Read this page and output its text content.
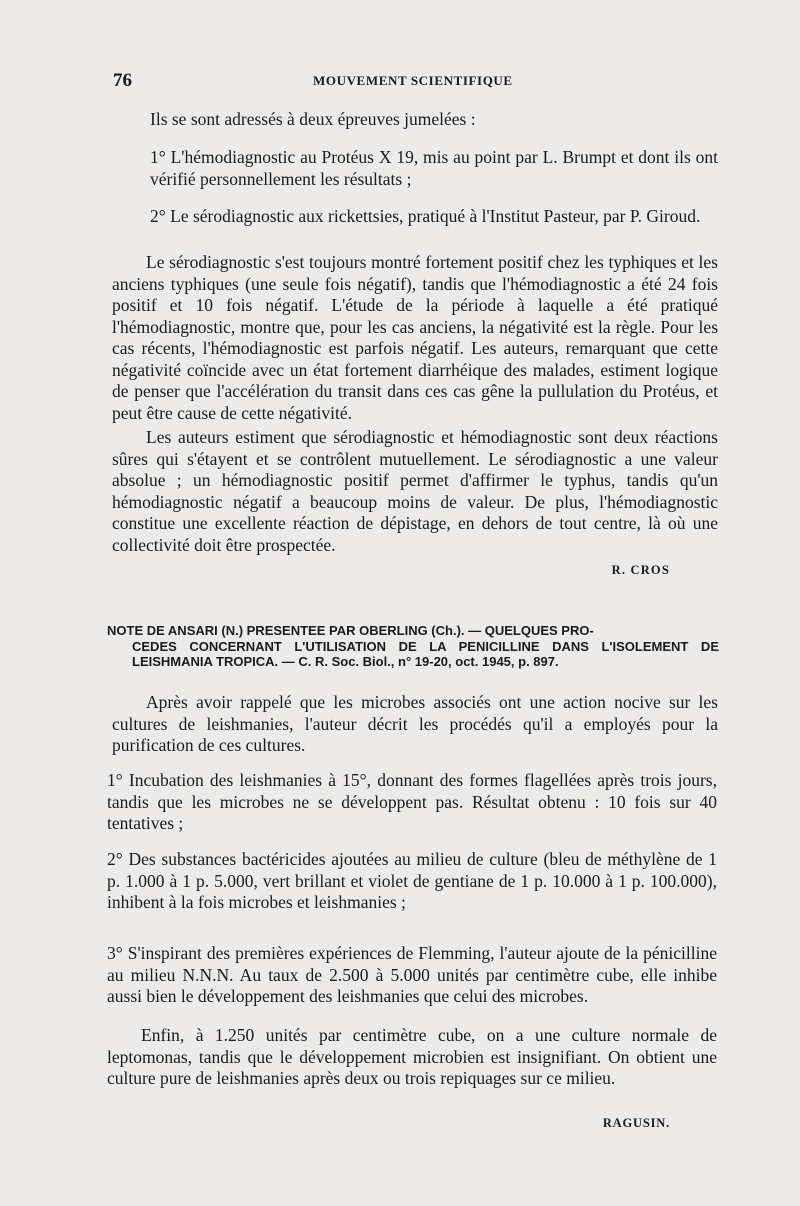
76	MOUVEMENT SCIENTIFIQUE
Ils se sont adressés à deux épreuves jumelées :
1° L'hémodiagnostic au Protéus X 19, mis au point par L. Brumpt et dont ils ont vérifié personnellement les résultats ;
2° Le sérodiagnostic aux rickettsies, pratiqué à l'Institut Pasteur, par P. Giroud.

Le sérodiagnostic s'est toujours montré fortement positif chez les typhiques et les anciens typhiques (une seule fois négatif), tandis que l'hémodiagnostic a été 24 fois positif et 10 fois négatif. L'étude de la période à laquelle a été pratiqué l'hémodiagnostic, montre que, pour les cas anciens, la négativité est la règle. Pour les cas récents, l'hémodiagnostic est parfois négatif. Les auteurs, remarquant que cette négativité coïncide avec un état fortement diarrhéique des malades, estiment logique de penser que l'accélération du transit dans ces cas gêne la pullulation du Protéus, et peut être cause de cette négativité.

Les auteurs estiment que sérodiagnostic et hémodiagnostic sont deux réactions sûres qui s'étayent et se contrôlent mutuellement. Le sérodiagnostic a une valeur absolue ; un hémodiagnostic positif permet d'affirmer le typhus, tandis qu'un hémodiagnostic négatif a beaucoup moins de valeur. De plus, l'hémodiagnostic constitue une excellente réaction de dépistage, en dehors de tout centre, là où une collectivité doit être prospectée.

R. CROS
NOTE DE ANSARI (N.) PRESENTEE PAR OBERLING (Ch.). — QUELQUES PRO-
CEDES CONCERNANT L'UTILISATION DE LA PENICILLINE DANS L'ISOLEMENT DE LEISHMANIA TROPICA. — C. R. Soc. Biol., n° 19-20, oct. 1945, p. 897.

Après avoir rappelé que les microbes associés ont une action nocive sur les cultures de leishmanies, l'auteur décrit les procédés qu'il a employés pour la purification de ces cultures.

1° Incubation des leishmanies à 15°, donnant des formes flagellées après trois jours, tandis que les microbes ne se développent pas. Résultat obtenu : 10 fois sur 40 tentatives ;
2° Des substances bactéricides ajoutées au milieu de culture (bleu de méthylène de 1 p. 1.000 à 1 p. 5.000, vert brillant et violet de gentiane de 1 p. 10.000 à 1 p. 100.000), inhibent à la fois microbes et leishmanies ;
3° S'inspirant des premières expériences de Flemming, l'auteur ajoute de la pénicilline au milieu N.N.N. Au taux de 2.500 à 5.000 unités par centimètre cube, elle inhibe aussi bien le développement des leishmanies que celui des microbes.

Enfin, à 1.250 unités par centimètre cube, on a une culture normale de leptomonas, tandis que le développement microbien est insignifiant. On obtient une culture pure de leishmanies après deux ou trois repiquages sur ce milieu.

RAGUSIN.
